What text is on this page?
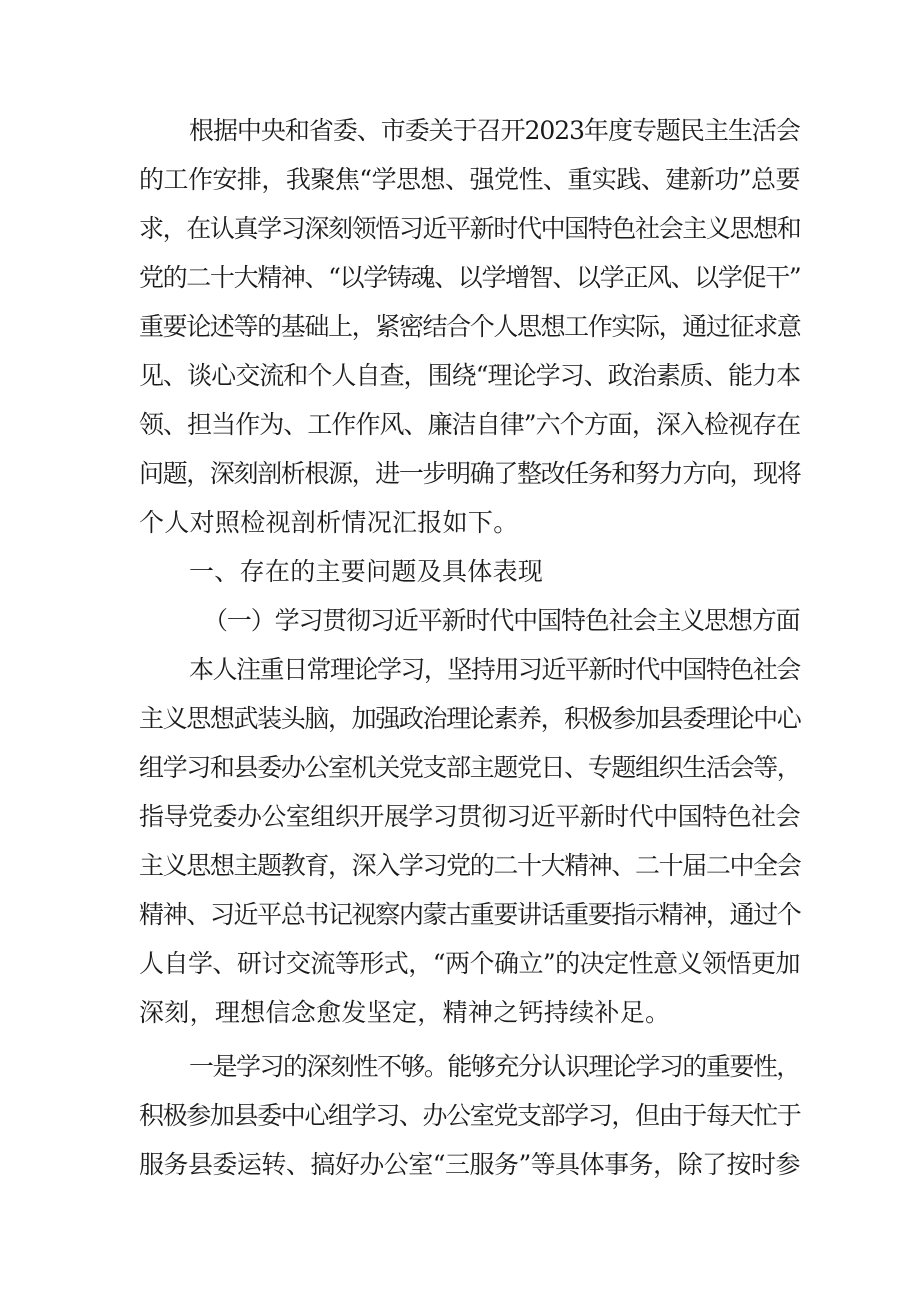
根据中央和省委、市委关于召开2023年度专题民主生活会
的工作安排，我聚焦“学思想、强党性、重实践、建新功”总要
求，在认真学习深刻领悟习近平新时代中国特色社会主义思想和
党的二十大精神、“以学铸魂、以学增智、以学正风、以学促干”
重要论述等的基础上，紧密结合个人思想工作实际，通过征求意
见、谈心交流和个人自查，围绕“理论学习、政治素质、能力本
领、担当作为、工作作风、廉洁自律”六个方面，深入检视存在
问题，深刻剖析根源，进一步明确了整改任务和努力方向，现将
个人对照检视剖析情况汇报如下。
一、存在的主要问题及具体表现
（一）学习贯彻习近平新时代中国特色社会主义思想方面
本人注重日常理论学习，坚持用习近平新时代中国特色社会
主义思想武装头脑，加强政治理论素养，积极参加县委理论中心
组学习和县委办公室机关党支部主题党日、专题组织生活会等，
指导党委办公室组织开展学习贯彻习近平新时代中国特色社会
主义思想主题教育，深入学习党的二十大精神、二十届二中全会
精神、习近平总书记视察内蒙古重要讲话重要指示精神，通过个
人自学、研讨交流等形式，“两个确立”的决定性意义领悟更加
深刻，理想信念愈发坚定，精神之钙持续补足。
一是学习的深刻性不够。能够充分认识理论学习的重要性，
积极参加县委中心组学习、办公室党支部学习，但由于每天忙于
服务县委运转、搞好办公室“三服务”等具体事务，除了按时参
